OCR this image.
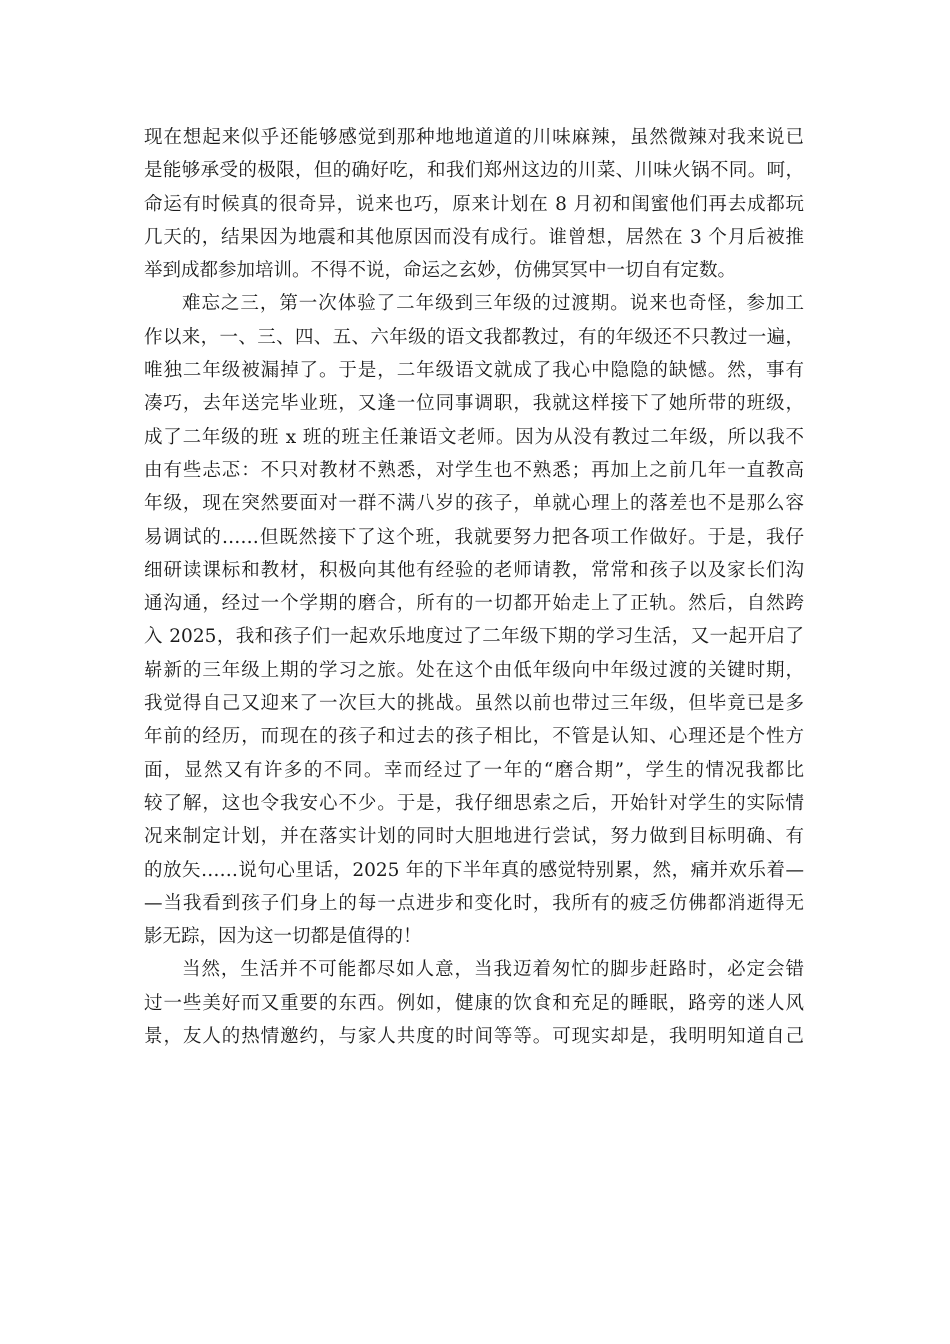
现在想起来似乎还能够感觉到那种地地道道的川味麻辣，虽然微辣对我来说已
是能够承受的极限，但的确好吃，和我们郑州这边的川菜、川味火锅不同。呵，
命运有时候真的很奇异，说来也巧，原来计划在 8 月初和闺蜜他们再去成都玩
几天的，结果因为地震和其他原因而没有成行。谁曾想，居然在 3 个月后被推
举到成都参加培训。不得不说，命运之玄妙，仿佛冥冥中一切自有定数。
难忘之三，第一次体验了二年级到三年级的过渡期。说来也奇怪，参加工
作以来，一、三、四、五、六年级的语文我都教过，有的年级还不只教过一遍，
唯独二年级被漏掉了。于是，二年级语文就成了我心中隐隐的缺憾。然，事有
凑巧，去年送完毕业班，又逢一位同事调职，我就这样接下了她所带的班级，
成了二年级的班 x 班的班主任兼语文老师。因为从没有教过二年级，所以我不
由有些忐忑：不只对教材不熟悉，对学生也不熟悉；再加上之前几年一直教高
年级，现在突然要面对一群不满八岁的孩子，单就心理上的落差也不是那么容
易调试的……但既然接下了这个班，我就要努力把各项工作做好。于是，我仔
细研读课标和教材，积极向其他有经验的老师请教，常常和孩子以及家长们沟
通沟通，经过一个学期的磨合，所有的一切都开始走上了正轨。然后，自然跨
入 2025，我和孩子们一起欢乐地度过了二年级下期的学习生活，又一起开启了
崭新的三年级上期的学习之旅。处在这个由低年级向中年级过渡的关键时期，
我觉得自己又迎来了一次巨大的挑战。虽然以前也带过三年级，但毕竟已是多
年前的经历，而现在的孩子和过去的孩子相比，不管是认知、心理还是个性方
面，显然又有许多的不同。幸而经过了一年的“磨合期”，学生的情况我都比
较了解，这也令我安心不少。于是，我仔细思索之后，开始针对学生的实际情
况来制定计划，并在落实计划的同时大胆地进行尝试，努力做到目标明确、有
的放矢……说句心里话，2025 年的下半年真的感觉特别累，然，痛并欢乐着—
—当我看到孩子们身上的每一点进步和变化时，我所有的疲乏仿佛都消逝得无
影无踪，因为这一切都是值得的！
当然，生活并不可能都尽如人意，当我迈着匆忙的脚步赶路时，必定会错
过一些美好而又重要的东西。例如，健康的饮食和充足的睡眠，路旁的迷人风
景，友人的热情邀约，与家人共度的时间等等。可现实却是，我明明知道自己
